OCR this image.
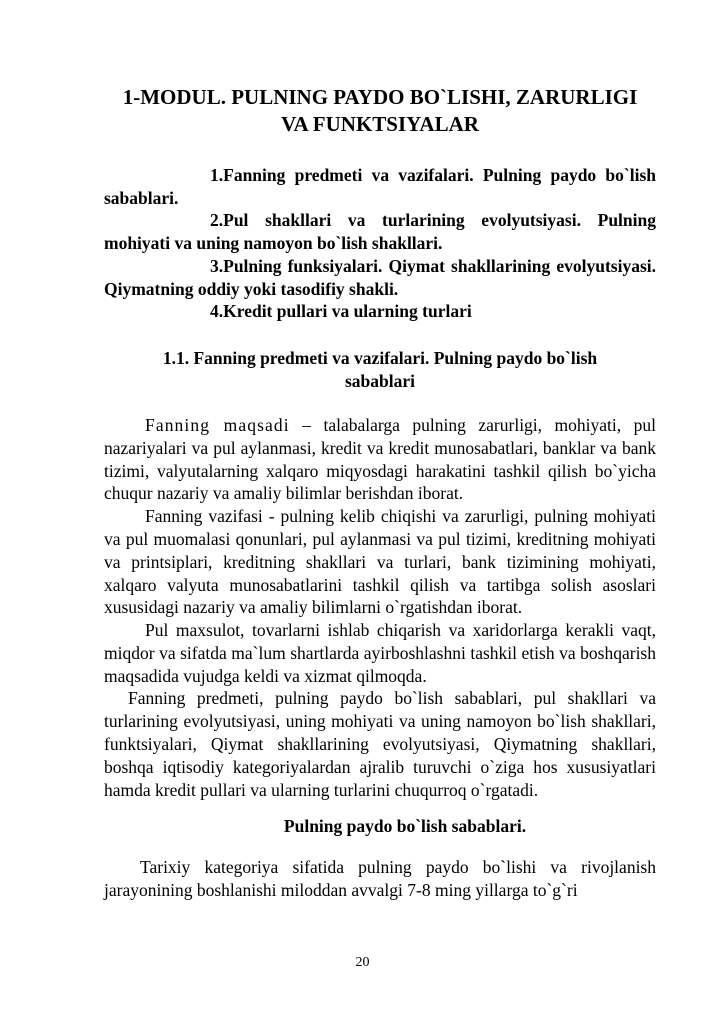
1-MODUL. PULNING PAYDO BO`LISHI, ZARURLIGI
VA FUNKTSIYALAR

1.Fanning predmeti va vazifalari. Pulning paydo bo`lish sabablari.

2.Pul shakllari va turlarining evolyutsiyasi. Pulning mohiyati va uning namoyon bo`lish shakllari.

3.Pulning funksiyalari. Qiymat shakllarining evolyutsiyasi. Qiymatning oddiy yoki tasodifiy shakli.

4.Kredit pullari va ularning turlari

1.1. Fanning predmeti va vazifalari. Pulning paydo bo`lish
sabablari

Fanning maqsadi – talabalarga pulning zarurligi, mohiyati, pul nazariyalari va pul aylanmasi, kredit va kredit munosabatlari, banklar va bank tizimi, valyutalarning xalqaro miqyosdagi harakatini tashkil qilish bo`yicha chuqur nazariy va amaliy bilimlar berishdan iborat.

Fanning vazifasi - pulning kelib chiqishi va zarurligi, pulning mohiyati va pul muomalasi qonunlari, pul aylanmasi va pul tizimi, kreditning mohiyati va printsiplari, kreditning shakllari va turlari, bank tizimining mohiyati, xalqaro valyuta munosabatlarini tashkil qilish va tartibga solish asoslari xususidagi nazariy va amaliy bilimlarni o`rgatishdan iborat.

Pul maxsulot, tovarlarni ishlab chiqarish va xaridorlarga kerakli vaqt, miqdor va sifatda ma`lum shartlarda ayirboshlashni tashkil etish va boshqarish maqsadida vujudga keldi va xizmat qilmoqda.

Fanning predmeti, pulning paydo bo`lish sabablari, pul shakllari va turlarining evolyutsiyasi, uning mohiyati va uning namoyon bo`lish shakllari, funktsiyalari, Qiymat shakllarining evolyutsiyasi, Qiymatning shakllari, boshqa iqtisodiy kategoriyalardan ajralib turuvchi o`ziga hos xususiyatlari hamda kredit pullari va ularning turlarini chuqurroq o`rgatadi.

Pulning paydo bo`lish sabablari.

Tarixiy kategoriya sifatida pulning paydo bo`lishi va rivojlanish jarayonining boshlanishi miloddan avvalgi 7-8 ming yillarga to`g`ri

20
